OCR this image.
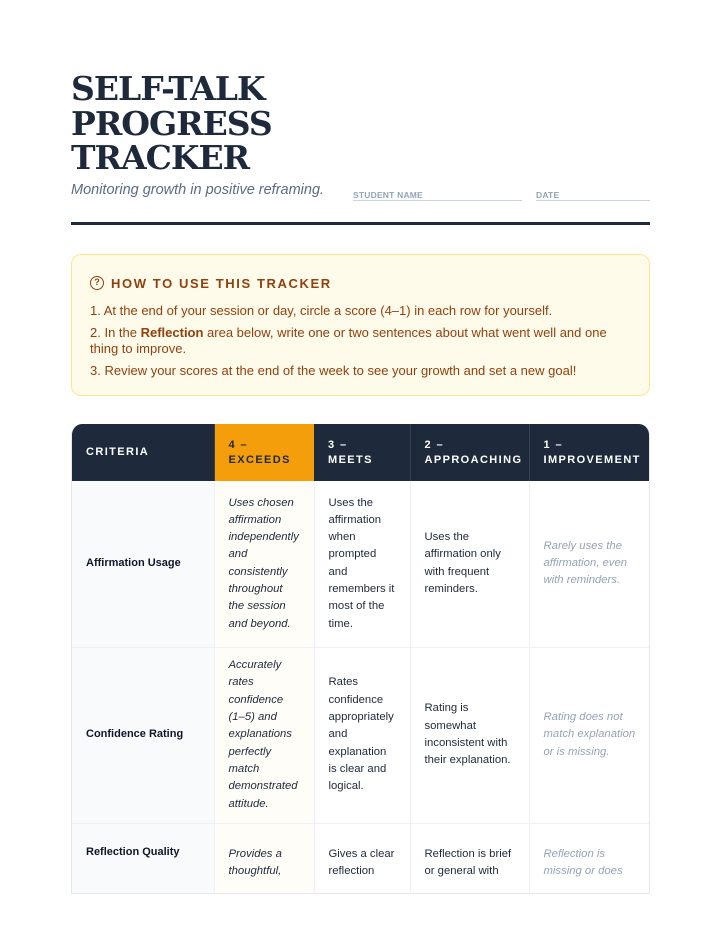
SELF-TALK PROGRESS TRACKER
Monitoring growth in positive reframing.	STUDENT NAME	DATE
? HOW TO USE THIS TRACKER
1. At the end of your session or day, circle a score (4–1) in each row for yourself.
2. In the Reflection area below, write one or two sentences about what went well and one thing to improve.
3. Review your scores at the end of the week to see your growth and set a new goal!
CRITERIA	4 – EXCEEDS	3 – MEETS	2 – APPROACHING	1 – IMPROVEMENT
Affirmation Usage	Uses chosen affirmation independently and consistently throughout the session and beyond.	Uses the affirmation when prompted and remembers it most of the time.	Uses the affirmation only with frequent reminders.	Rarely uses the affirmation, even with reminders.
Confidence Rating	Accurately rates confidence (1–5) and explanations perfectly match demonstrated attitude.	Rates confidence appropriately and explanation is clear and logical.	Rating is somewhat inconsistent with their explanation.	Rating does not match explanation or is missing.
Reflection Quality	Provides a thoughtful,	Gives a clear reflection	Reflection is brief or general with	Reflection is missing or does
